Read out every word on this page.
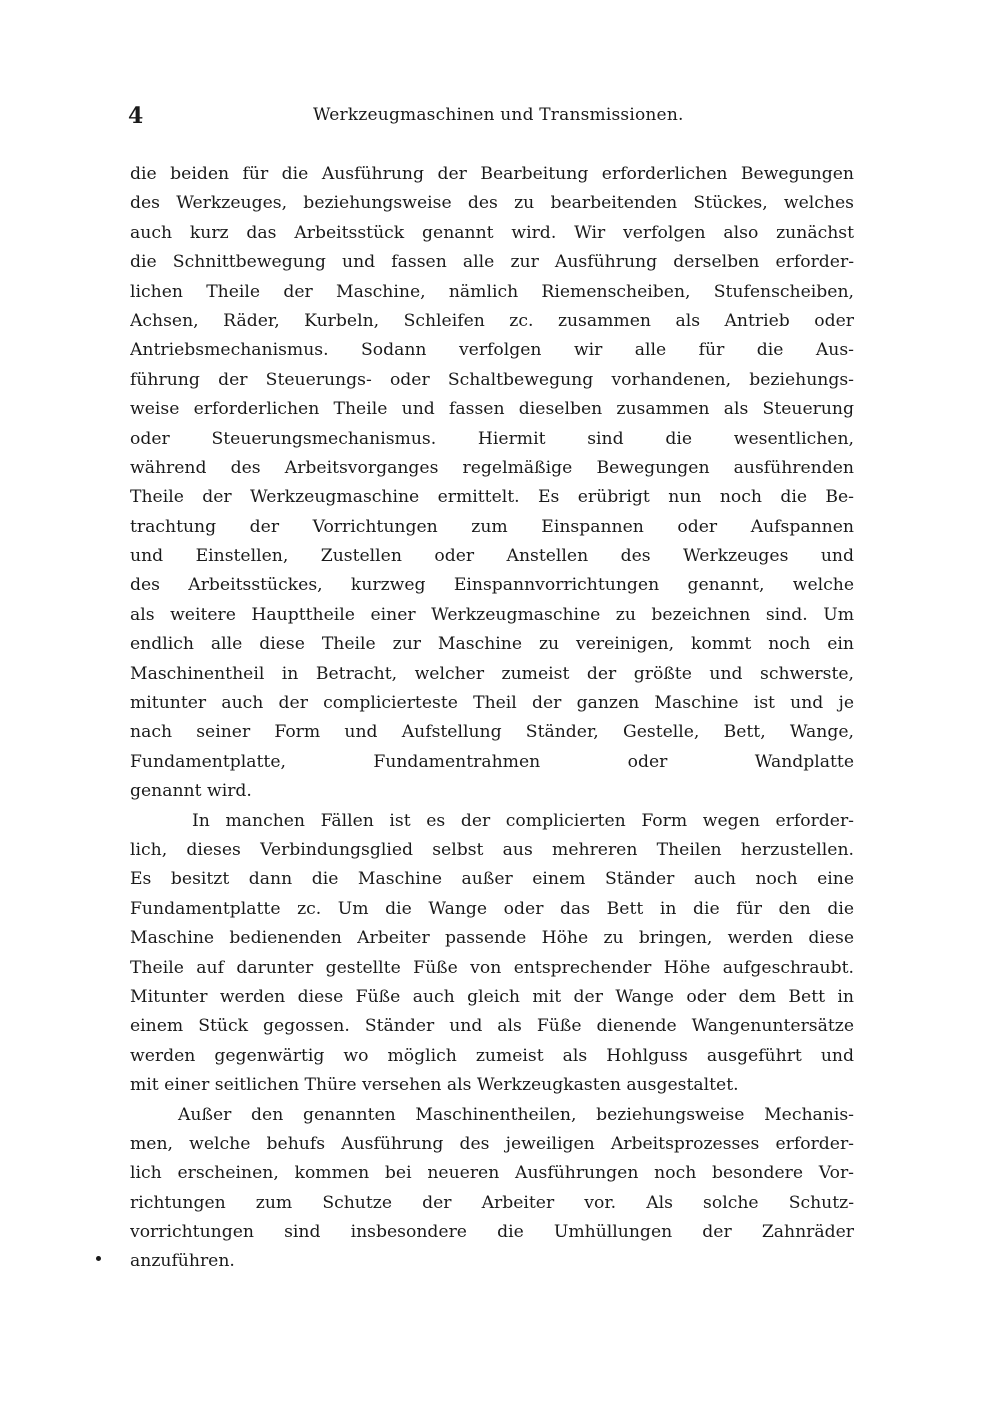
4	Werkzeugmaschinen und Transmissionen.
die beiden für die Ausführung der Bearbeitung erforderlichen Bewegungen
des Werkzeuges, beziehungsweise des zu bearbeitenden Stückes, welches
auch kurz das Arbeitsstück genannt wird. Wir verfolgen also zunächst
die Schnittbewegung und fassen alle zur Ausführung derselben erforder-
lichen Theile der Maschine, nämlich Riemenscheiben, Stufenscheiben,
Achsen, Räder, Kurbeln, Schleifen zc. zusammen als Antrieb oder
Antriebsmechanismus. Sodann verfolgen wir alle für die Aus-
führung der Steuerungs- oder Schaltbewegung vorhandenen, beziehungs-
weise erforderlichen Theile und fassen dieselben zusammen als Steuerung
oder Steuerungsmechanismus. Hiermit sind die wesentlichen,
während des Arbeitsvorganges regelmäßige Bewegungen ausführenden
Theile der Werkzeugmaschine ermittelt. Es erübrigt nun noch die Be-
trachtung der Vorrichtungen zum Einspannen oder Aufspannen
und Einstellen, Zustellen oder Anstellen des Werkzeuges und
des Arbeitsstückes, kurzweg Einspannvorrichtungen genannt, welche
als weitere Haupttheile einer Werkzeugmaschine zu bezeichnen sind. Um
endlich alle diese Theile zur Maschine zu vereinigen, kommt noch ein
Maschinentheil in Betracht, welcher zumeist der größte und schwerste,
mitunter auch der complicierteste Theil der ganzen Maschine ist und je
nach seiner Form und Aufstellung Ständer, Gestelle, Bett, Wange,
Fundamentplatte, Fundamentrahmen oder Wandplatte
genannt wird.
In manchen Fällen ist es der complicierten Form wegen erforder-
lich, dieses Verbindungsglied selbst aus mehreren Theilen herzustellen.
Es besitzt dann die Maschine außer einem Ständer auch noch eine
Fundamentplatte zc. Um die Wange oder das Bett in die für den die
Maschine bedienenden Arbeiter passende Höhe zu bringen, werden diese
Theile auf darunter gestellte Füße von entsprechender Höhe aufgeschraubt.
Mitunter werden diese Füße auch gleich mit der Wange oder dem Bett in
einem Stück gegossen. Ständer und als Füße dienende Wangenuntersätze
werden gegenwärtig wo möglich zumeist als Hohlguss ausgeführt und
mit einer seitlichen Thüre versehen als Werkzeugkasten ausgestaltet.
Außer den genannten Maschinentheilen, beziehungsweise Mechanis-
men, welche behufs Ausführung des jeweiligen Arbeitsprozesses erforder-
lich erscheinen, kommen bei neueren Ausführungen noch besondere Vor-
richtungen zum Schutze der Arbeiter vor. Als solche Schutz-
vorrichtungen sind insbesondere die Umhüllungen der Zahnräder
anzuführen.
